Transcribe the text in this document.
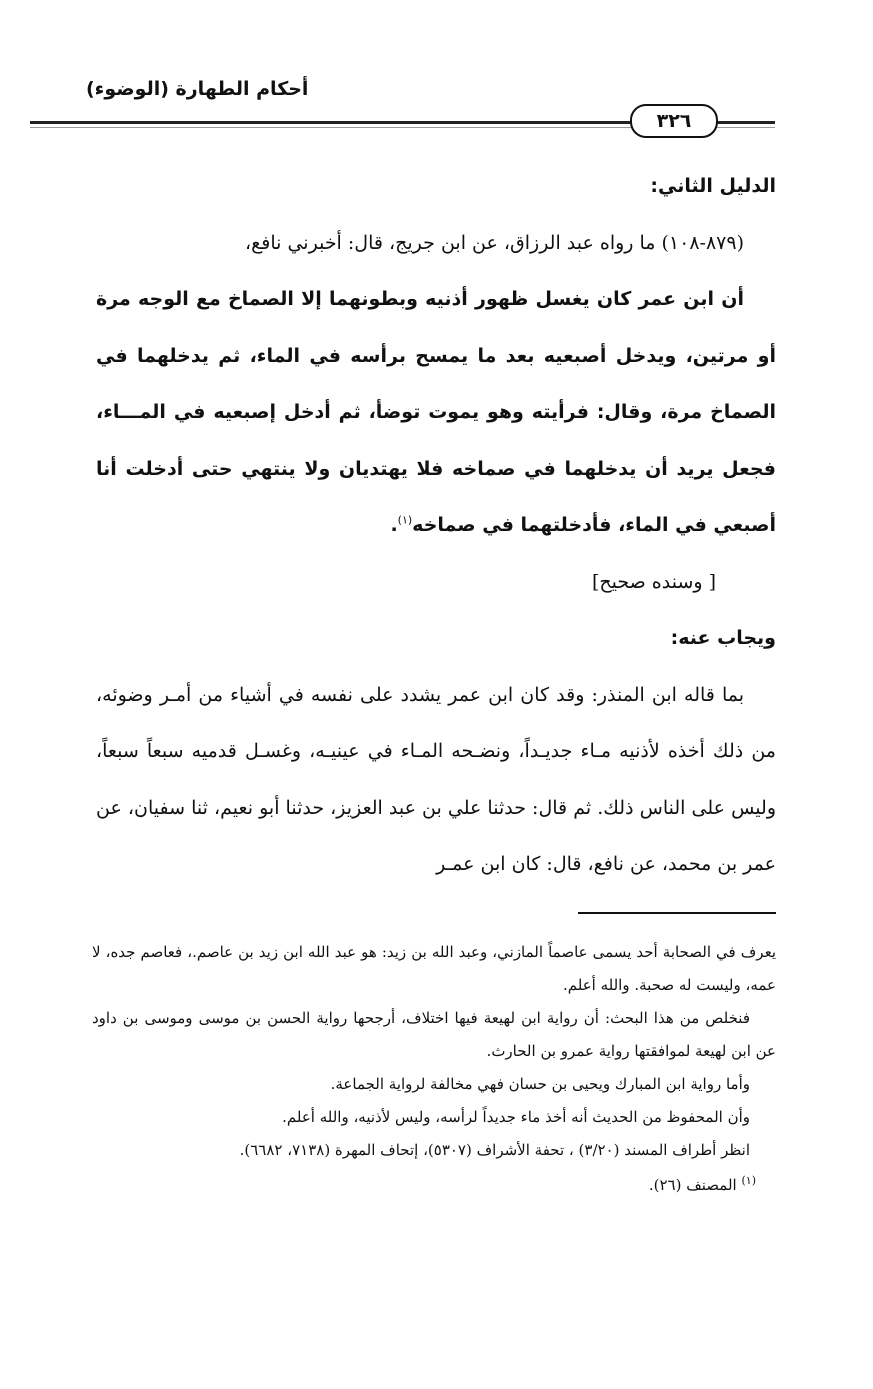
أحكام الطهارة (الوضوء)
٣٢٦

الدليل الثاني:

(٨٧٩-١٠٨) ما رواه عبد الرزاق، عن ابن جريج، قال: أخبرني نافع،

أن ابن عمر كان يغسل ظهور أذنيه وبطونهما إلا الصماخ مع الوجه مرة أو مرتين، ويدخل أصبعيه بعد ما يمسح برأسه في الماء، ثم يدخلهما في الصماخ مرة، وقال: فرأيته وهو يموت توضأ، ثم أدخل إصبعيه في المـــاء، فجعل يريد أن يدخلهما في صماخه فلا يهتديان ولا ينتهي حتى أدخلت أنا أصبعي في الماء، فأدخلتهما في صماخه$^{(١)}$.

[ وسنده صحيح]

ويجاب عنه:

بما قاله ابن المنذر: وقد كان ابن عمر يشدد على نفسه في أشياء من أمـر وضوئه، من ذلك أخذه لأذنيه مـاء جديـداً، ونضـحه المـاء في عينيـه، وغسـل قدميه سبعاً سبعاً، وليس على الناس ذلك. ثم قال: حدثنا علي بن عبد العزيز، حدثنا أبو نعيم، ثنا سفيان، عن عمر بن محمد، عن نافع، قال: كان ابن عمـر

يعرف في الصحابة أحد يسمى عاصماً المازني، وعبد الله بن زيد: هو عبد الله ابن زيد بن عاصم.، فعاصم جده، لا عمه، وليست له صحبة. والله أعلم.

فنخلص من هذا البحث: أن رواية ابن لهيعة فيها اختلاف، أرجحها رواية الحسن بن موسى وموسى بن داود عن ابن لهيعة لموافقتها رواية عمرو بن الحارث.

وأما رواية ابن المبارك ويحيى بن حسان فهي مخالفة لرواية الجماعة.

وأن المحفوظ من الحديث أنه أخذ ماء جديداً لرأسه، وليس لأذنيه، والله أعلم.

انظر أطراف المسند (٣/٢٠) ، تحفة الأشراف (٥٣٠٧)، إتحاف المهرة (٧١٣٨، ٦٦٨٢).

$^{(١)}$ المصنف (٢٦).
